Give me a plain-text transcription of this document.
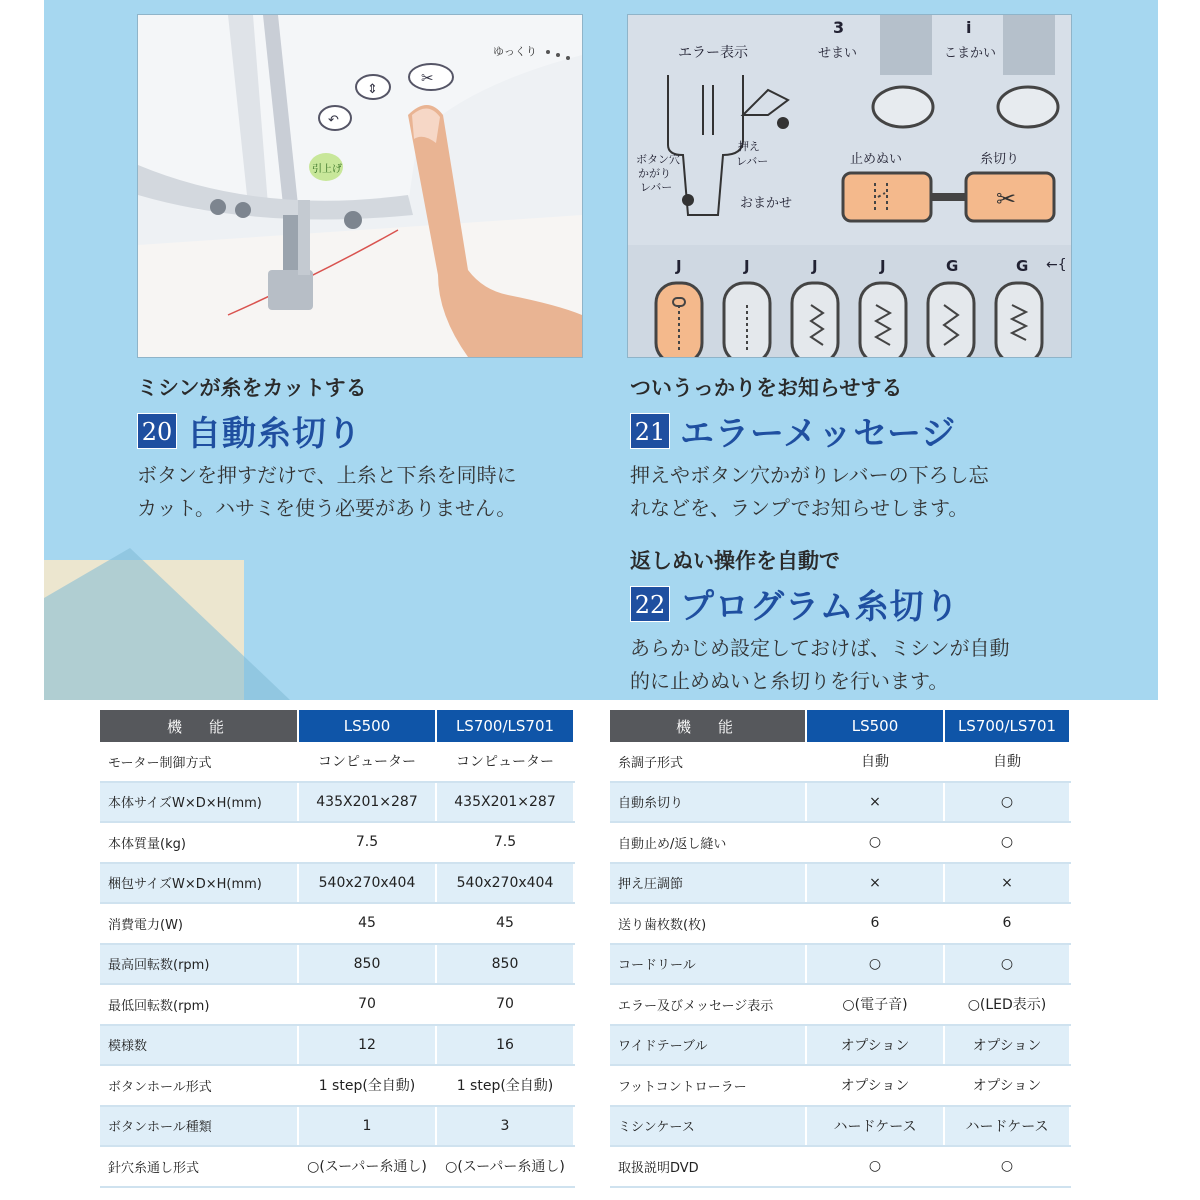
↶
⇕
✂
ゆっくり
引上げ
3	i
せまい	こまかい
エラー表示
ボタン穴
かがり
レバー
押え
レバー
おまかせ
止めぬい	糸切り
✂
J	J	J	J	G	G ←{

ミシンが糸をカットする

20 自動糸切り

ボタンを押すだけで、上糸と下糸を同時に
カット。ハサミを使う必要がありません。

ついうっかりをお知らせする

21 エラーメッセージ

押えやボタン穴かがりレバーの下ろし忘
れなどを、ランプでお知らせします。

返しぬい操作を自動で

22 プログラム糸切り

あらかじめ設定しておけば、ミシンが自動
的に止めぬいと糸切りを行います。

機　能	LS500	LS700/LS701
モーター制御方式	コンピューター	コンピューター
本体サイズW×D×H(mm)	435X201×287	435X201×287
本体質量(kg)	7.5	7.5
梱包サイズW×D×H(mm)	540x270x404	540x270x404
消費電力(W)	45	45
最高回転数(rpm)	850	850
最低回転数(rpm)	70	70
模様数	12	16
ボタンホール形式	1 step(全自動)	1 step(全自動)
ボタンホール種類	1	3
針穴糸通し形式	○(スーパー糸通し)	○(スーパー糸通し)
機　能	LS500	LS700/LS701
糸調子形式	自動	自動
自動糸切り	×	○
自動止め/返し縫い	○	○
押え圧調節	×	×
送り歯枚数(枚)	6	6
コードリール	○	○
エラー及びメッセージ表示	○(電子音)	○(LED表示)
ワイドテーブル	オプション	オプション
フットコントローラー	オプション	オプション
ミシンケース	ハードケース	ハードケース
取扱説明DVD	○	○
